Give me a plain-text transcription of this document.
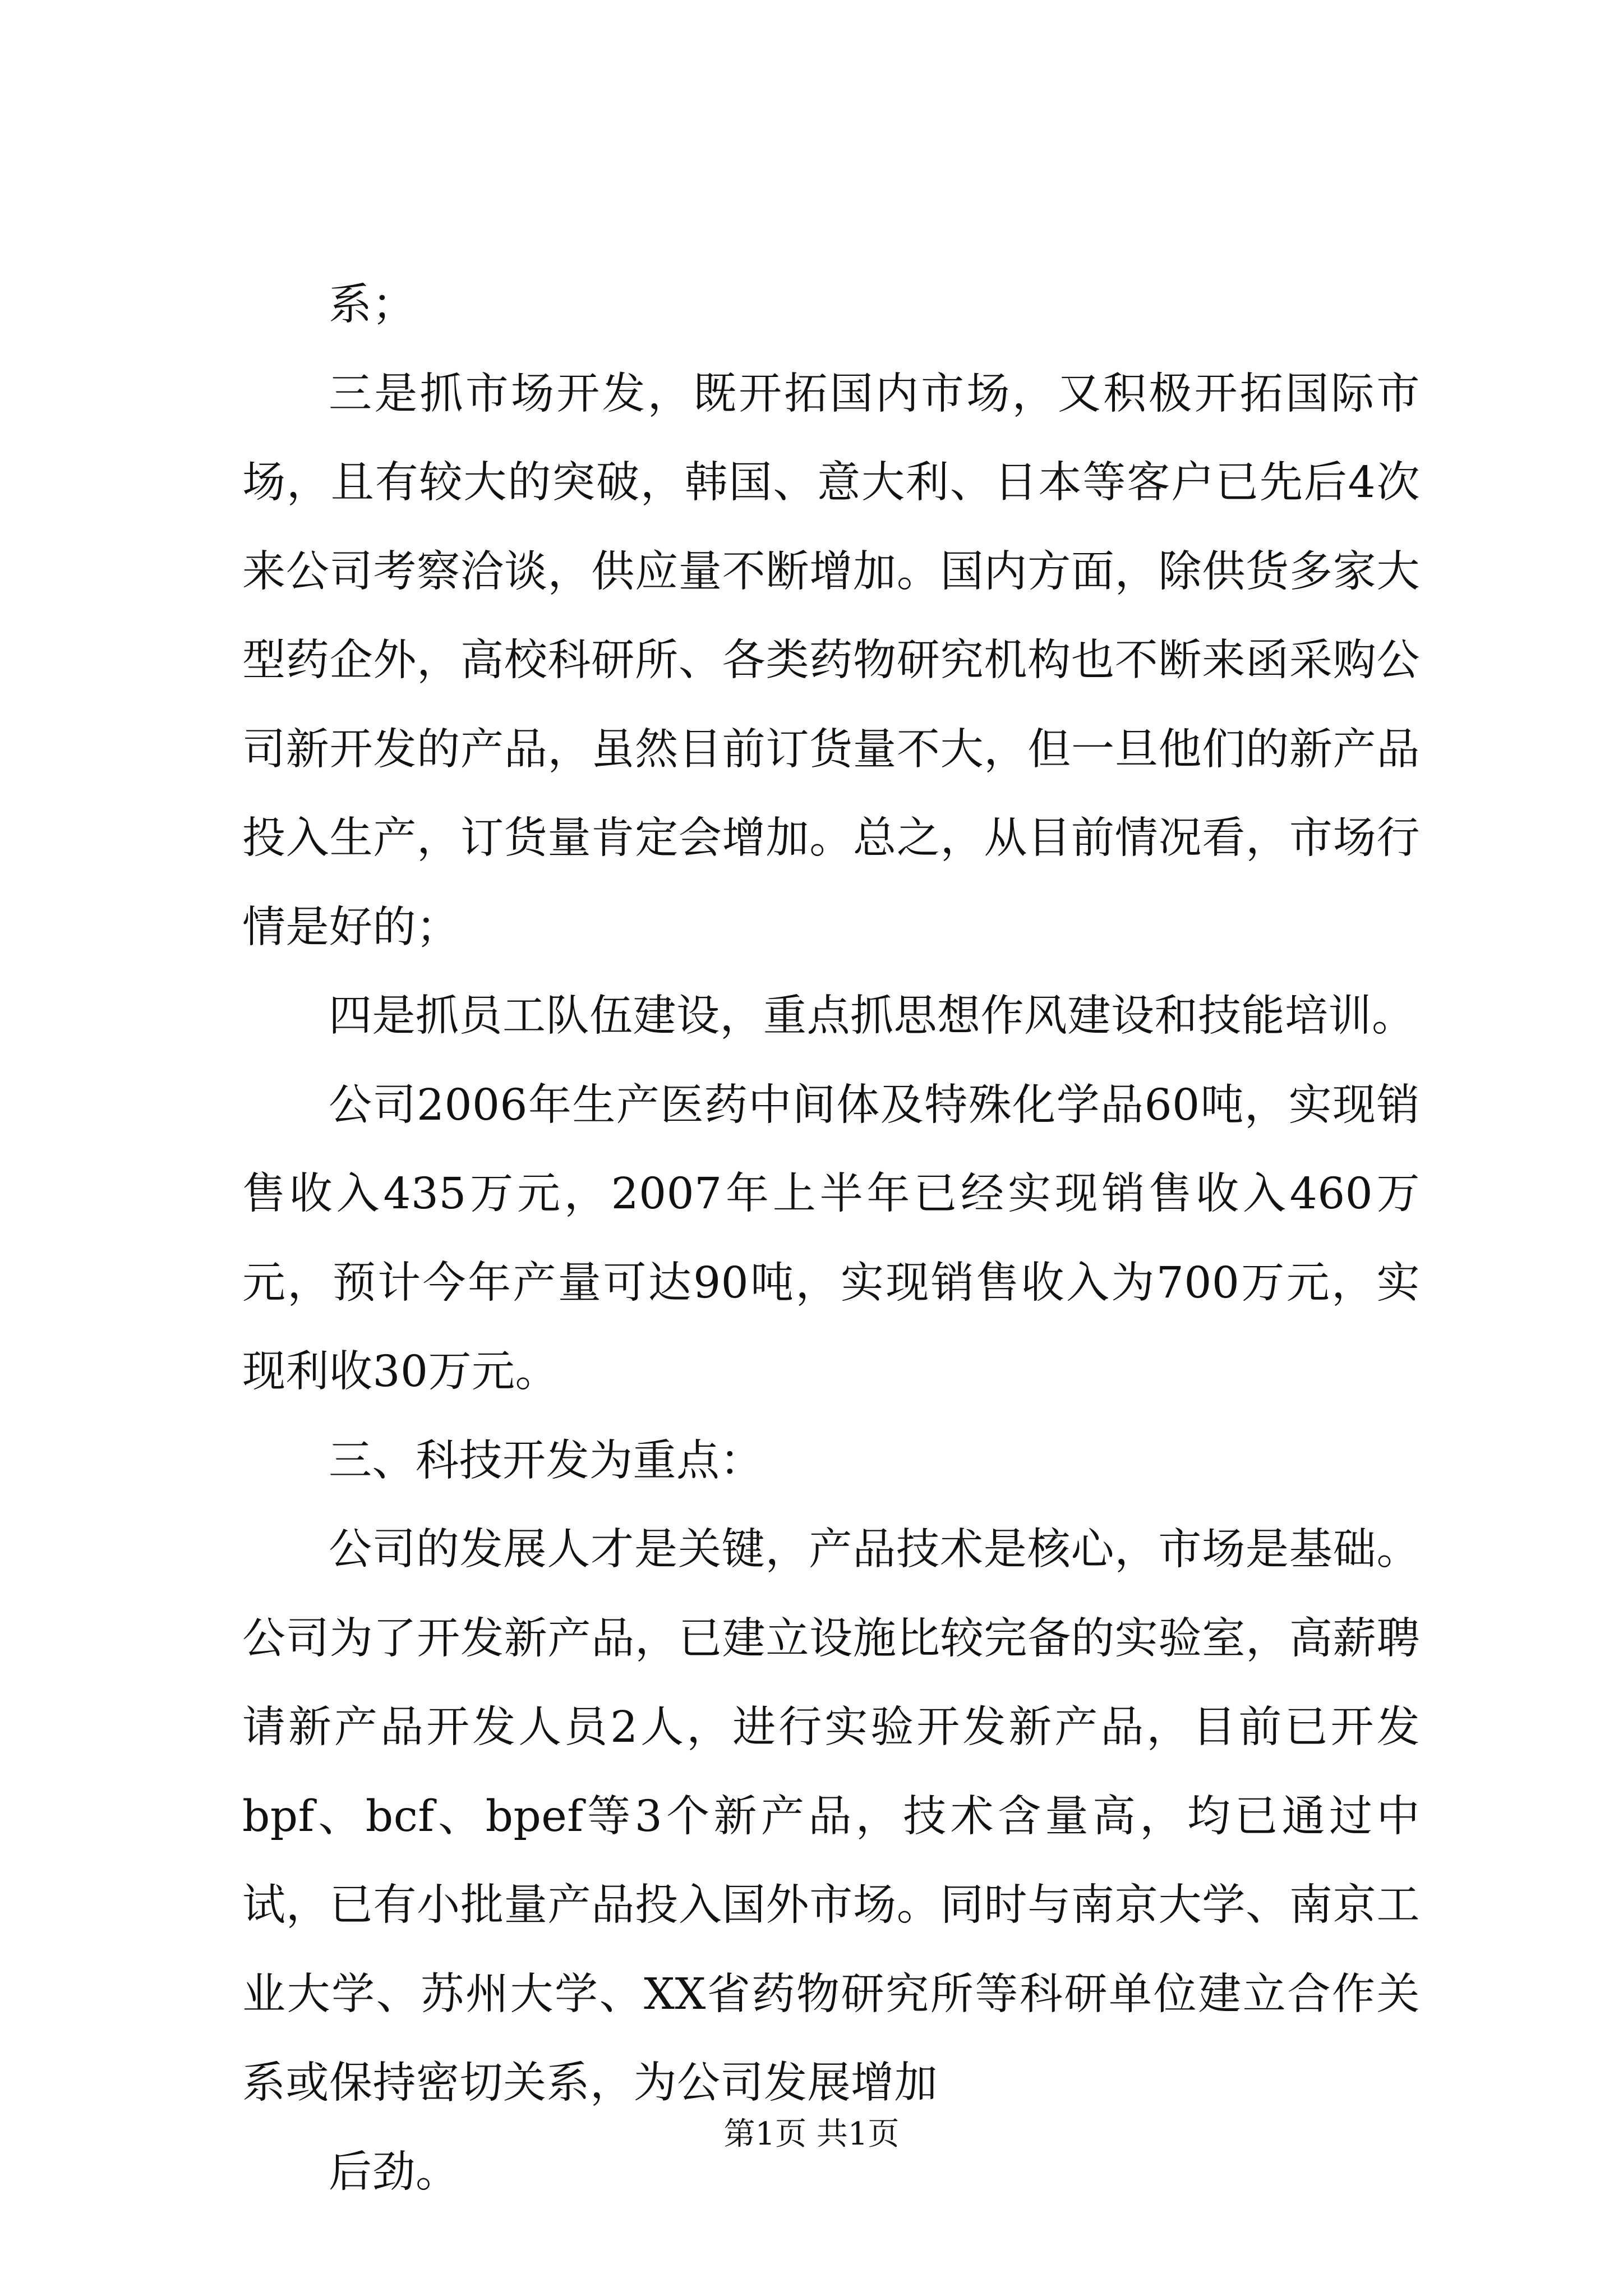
系；

三是抓市场开发，既开拓国内市场，又积极开拓国际市场，且有较大的突破，韩国、意大利、日本等客户已先后4次来公司考察洽谈，供应量不断增加。国内方面，除供货多家大型药企外，高校科研所、各类药物研究机构也不断来函采购公司新开发的产品，虽然目前订货量不大，但一旦他们的新产品投入生产，订货量肯定会增加。总之，从目前情况看，市场行情是好的；

四是抓员工队伍建设，重点抓思想作风建设和技能培训。

公司2006年生产医药中间体及特殊化学品60吨，实现销售收入435万元，2007年上半年已经实现销售收入460万元，预计今年产量可达90吨，实现销售收入为700万元，实现利收30万元。

三、科技开发为重点：

公司的发展人才是关键，产品技术是核心，市场是基础。公司为了开发新产品，已建立设施比较完备的实验室，高薪聘请新产品开发人员2人，进行实验开发新产品，目前已开发bpf、bcf、bpef等3个新产品，技术含量高，均已通过中试，已有小批量产品投入国外市场。同时与南京大学、南京工业大学、苏州大学、XX省药物研究所等科研单位建立合作关系或保持密切关系，为公司发展增加

后劲。

第1页 共1页
